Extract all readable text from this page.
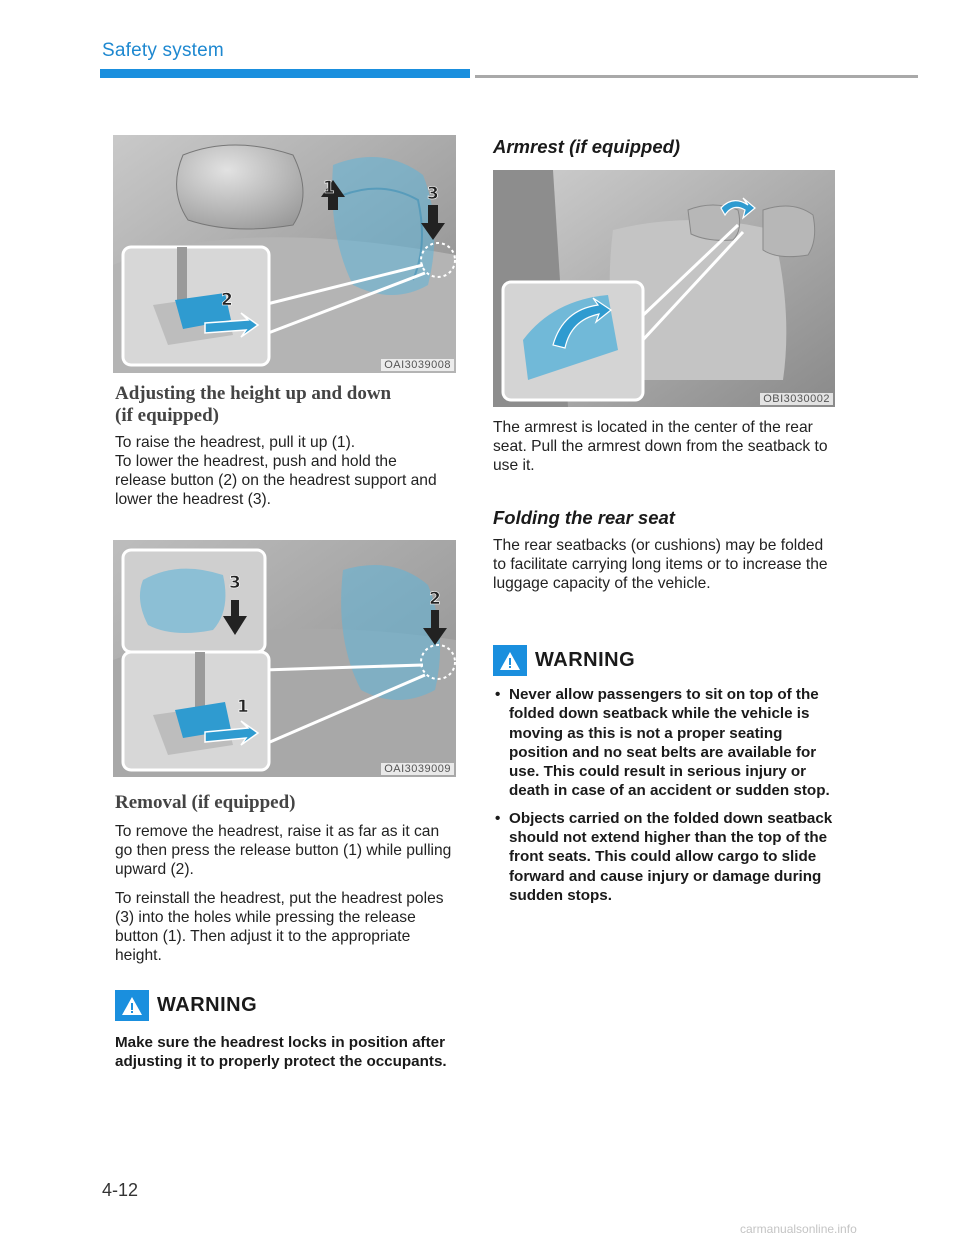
Safety system
1
2
3
OAI3039008
Adjusting the height up and down
(if equipped)

To raise the headrest, pull it up (1).

To lower the headrest, push and hold the release button (2) on the headrest support and lower the headrest (3).

3
2
1
OAI3039009
Removal (if equipped)

To remove the headrest, raise it as far as it can go then press the release button (1) while pulling upward (2).

To reinstall the headrest, put the headrest poles (3) into the holes while pressing the release button (1). Then adjust it to the appropriate height.

WARNING

Make sure the headrest locks in position after adjusting it to properly protect the occupants.

Armrest (if equipped)
OBI3030002

The armrest is located in the center of the rear seat. Pull the armrest down from the seatback to use it.

Folding the rear seat

The rear seatbacks (or cushions) may be folded to facilitate carrying long items or to increase the luggage capacity of the vehicle.

WARNING
• Never allow passengers to sit on top of the folded down seatback while the vehicle is moving as this is not a proper seating position and no seat belts are available for use. This could result in serious injury or death in case of an accident or sudden stop.
• Objects carried on the folded down seatback should not extend higher than the top of the front seats. This could allow cargo to slide forward and cause injury or damage during sudden stops.
4-12
carmanualsonline.info
